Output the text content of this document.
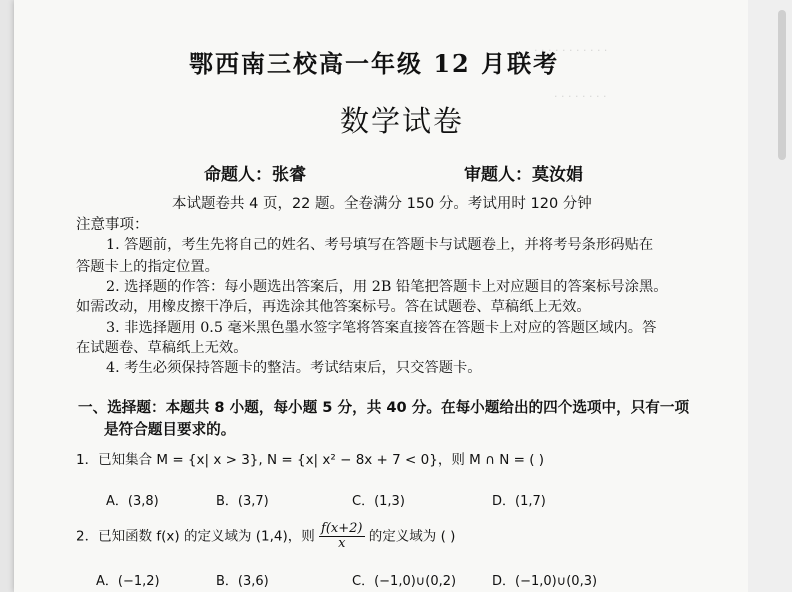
· · · · · · · · · · ·
· · · · · · · ·
鄂西南三校高一年级 12 月联考
数学试卷
命题人：张睿	审题人：莫汝娟
本试题卷共 4 页，22 题。全卷满分 150 分。考试用时 120 分钟
注意事项：
1. 答题前，考生先将自己的姓名、考号填写在答题卡与试题卷上，并将考号条形码贴在
答题卡上的指定位置。
2. 选择题的作答：每小题选出答案后，用 2B 铅笔把答题卡上对应题目的答案标号涂黑。
如需改动，用橡皮擦干净后，再选涂其他答案标号。答在试题卷、草稿纸上无效。
3. 非选择题用 0.5 毫米黑色墨水签字笔将答案直接答在答题卡上对应的答题区域内。答
在试题卷、草稿纸上无效。
4. 考生必须保持答题卡的整洁。考试结束后，只交答题卡。
一、选择题：本题共 8 小题，每小题 5 分，共 40 分。在每小题给出的四个选项中，只有一项
是符合题目要求的。
1．已知集合 M = {x| x > 3}, N = {x| x² − 8x + 7 < 0}，则 M ∩ N = ( )
A．(3,8)	B．(3,7)	C．(1,3)	D．(1,7)
2．已知函数 f(x) 的定义域为 (1,4)，则 $\frac{f(x+2)}{x}$ 的定义域为 ( )
A．(−1,2)	B．(3,6)	C．(−1,0)∪(0,2)	D．(−1,0)∪(0,3)
